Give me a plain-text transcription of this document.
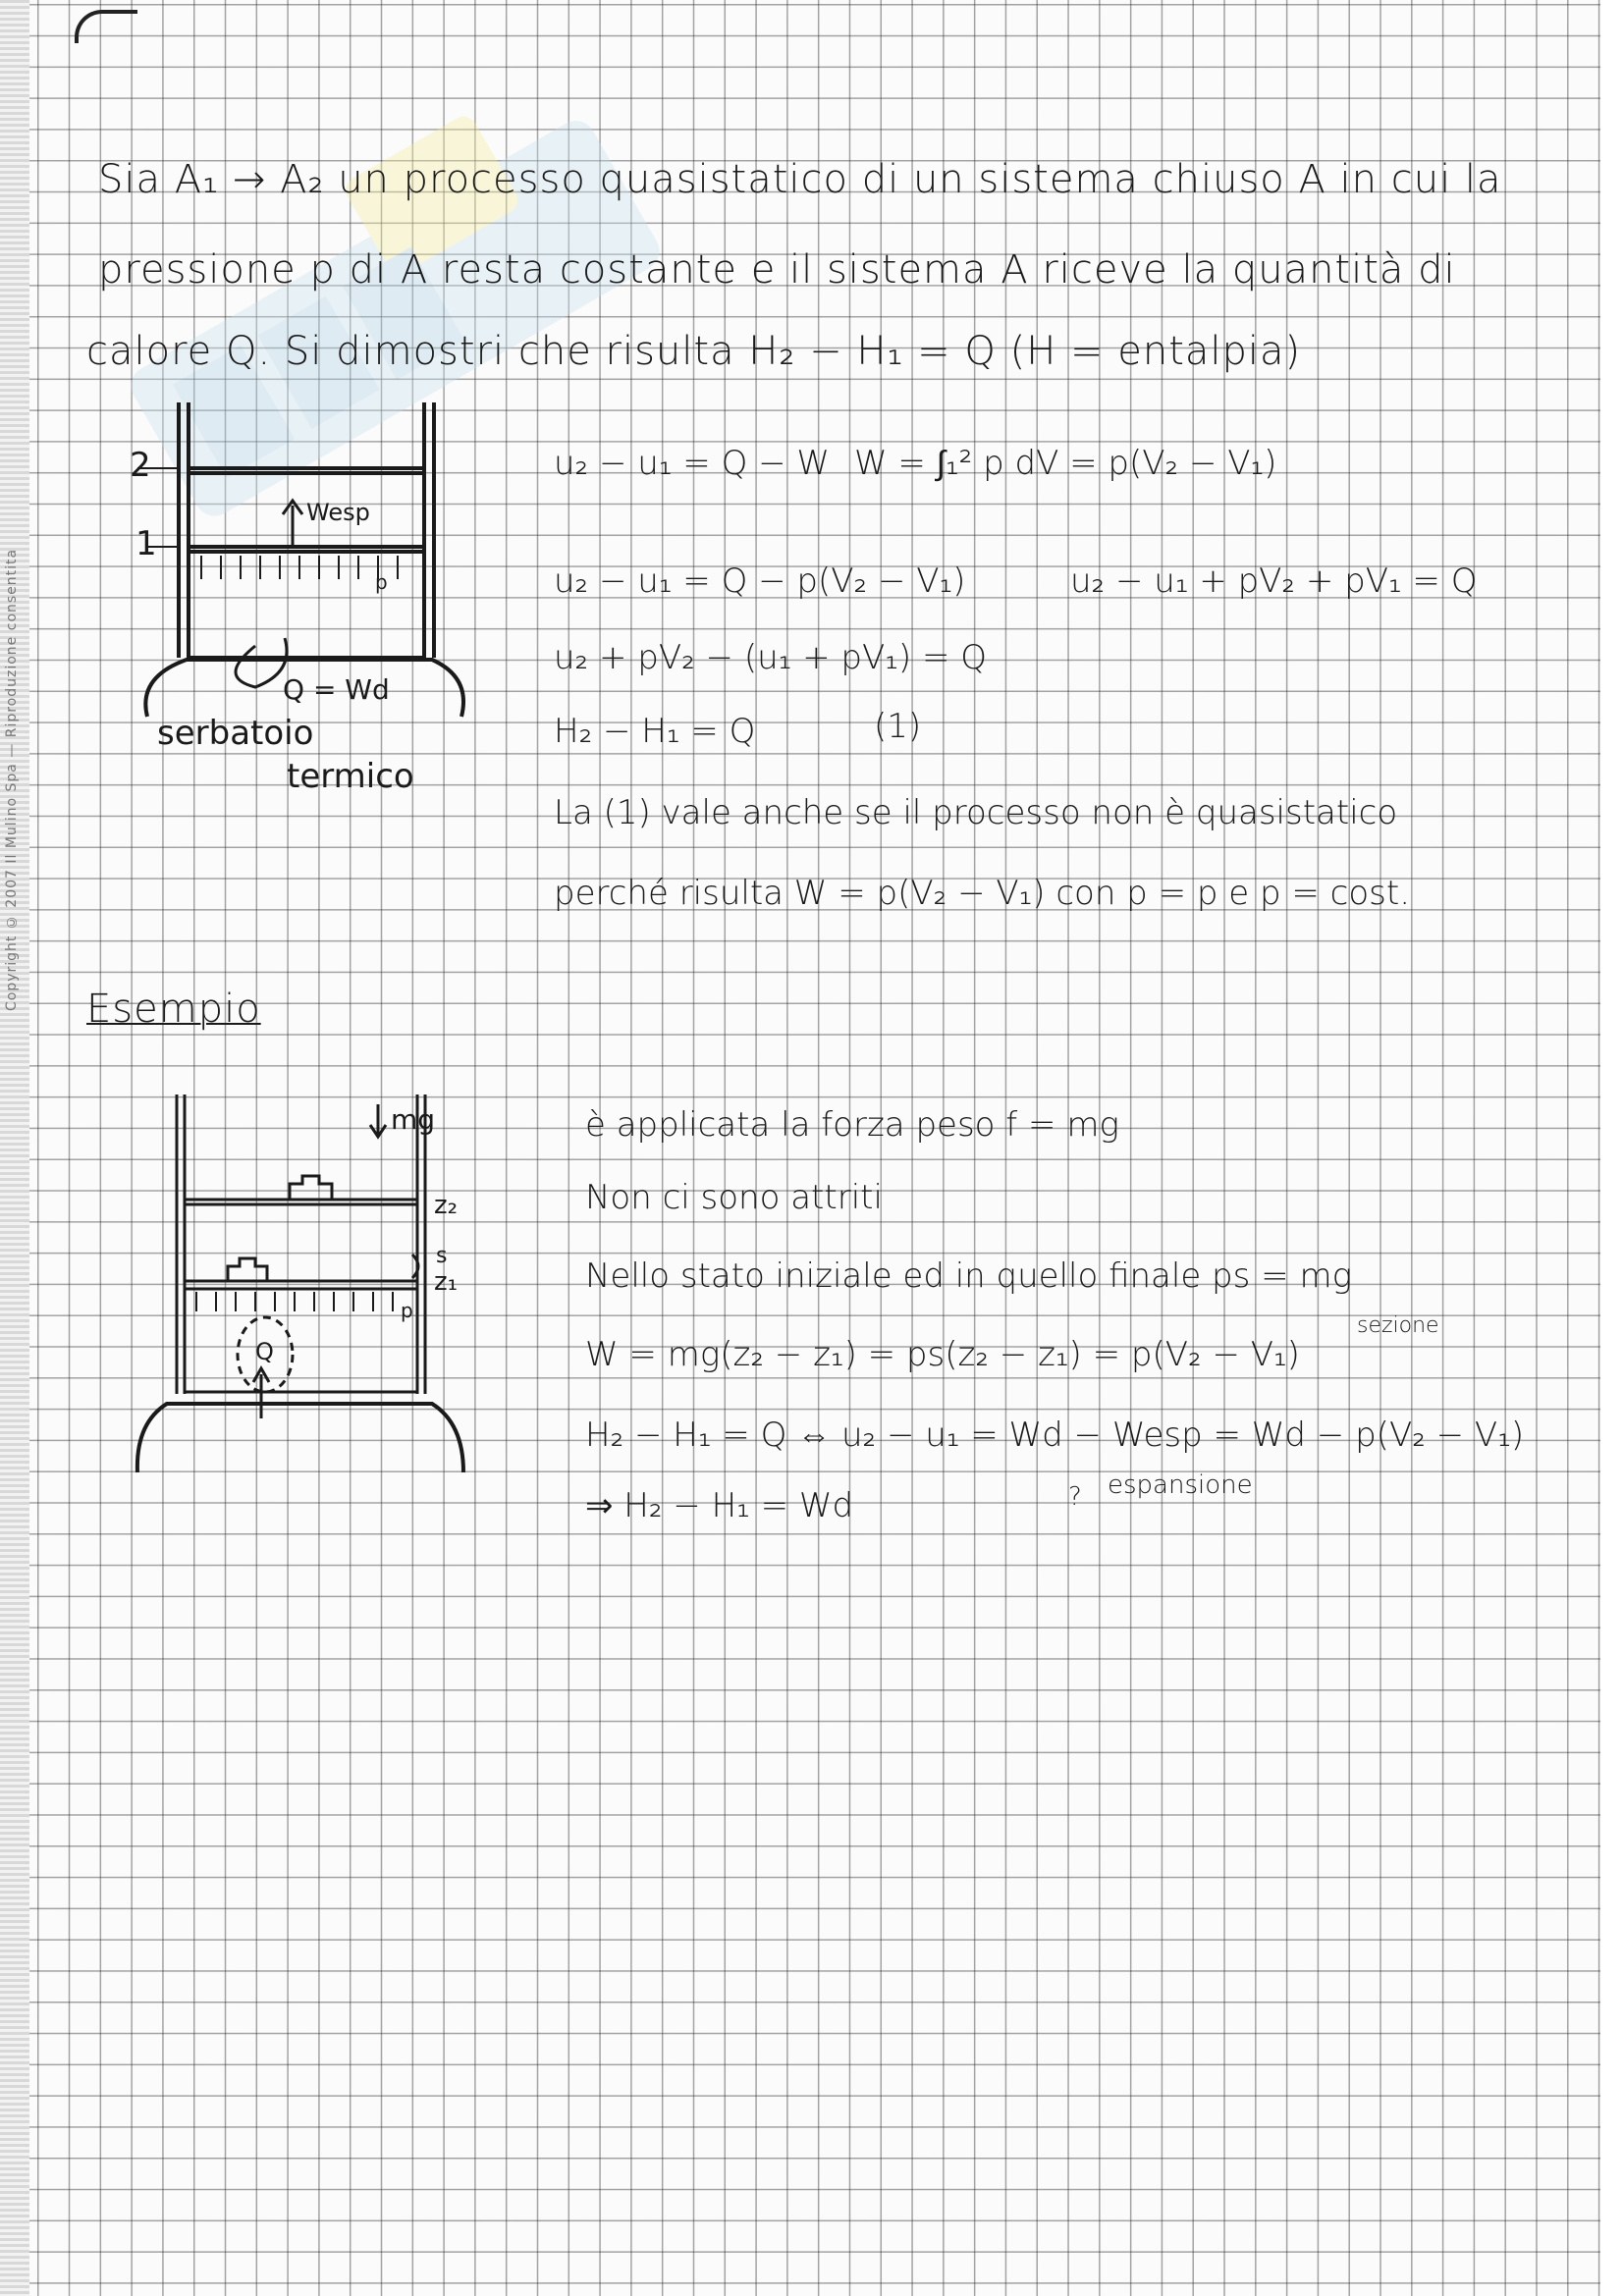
Copyright © 2007 Il Mulino Spa — Riproduzione consentita
Sia A₁ → A₂ un processo quasistatico di un sistema chiuso A in cui la
pressione p di A resta costante e il sistema A riceve la quantità di
calore Q. Si dimostri che risulta H₂ − H₁ = Q (H = entalpia)
2
1
Wesp
p
Q = Wd
serbatoio
termico
u₂ − u₁ = Q − W W = ∫₁² p dV = p(V₂ − V₁)
u₂ − u₁ = Q − p(V₂ − V₁)	u₂ − u₁ + pV₂ + pV₁ = Q
u₂ + pV₂ − (u₁ + pV₁) = Q
H₂ − H₁ = Q	(1)
La (1) vale anche se il processo non è quasistatico
perché risulta W = p(V₂ − V₁) con p = p e p = cost.
Esempio
mg
z₂
s
z₁
p
Q
è applicata la forza peso f = mg
Non ci sono attriti
Nello stato iniziale ed in quello finale ps = mg
sezione
W = mg(z₂ − z₁) = ps(z₂ − z₁) = p(V₂ − V₁)
H₂ − H₁ = Q ⇔ u₂ − u₁ = Wd − Wesp = Wd − p(V₂ − V₁)
? espansione
⇒ H₂ − H₁ = Wd
